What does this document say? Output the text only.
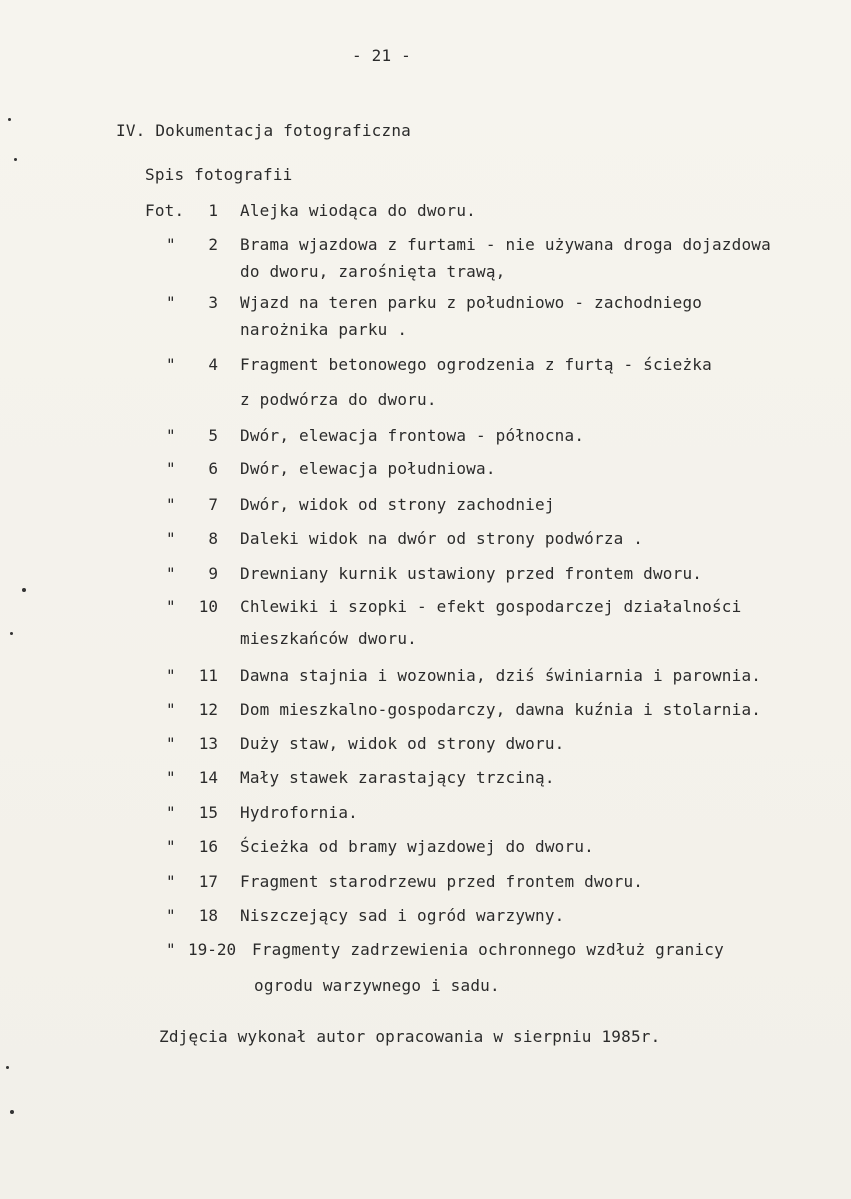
- 21 -
IV. Dokumentacja fotograficzna
Spis fotografii
Fot.	1 Alejka wiodąca do dworu.
"	2 Brama wjazdowa z furtami - nie używana droga dojazdowa
do dworu, zarośnięta trawą,
"	3 Wjazd na teren parku z południowo - zachodniego
narożnika parku .
"	4 Fragment betonowego ogrodzenia z furtą - ścieżka
z podwórza do dworu.
"	5 Dwór, elewacja frontowa - północna.
"	6 Dwór, elewacja południowa.
"	7 Dwór, widok od strony zachodniej
"	8 Daleki widok na dwór od strony podwórza .
"	9 Drewniany kurnik ustawiony przed frontem dworu.
"	10 Chlewiki i szopki - efekt gospodarczej działalności
mieszkańców dworu.
"	11 Dawna stajnia i wozownia, dziś świniarnia i parownia.
"	12 Dom mieszkalno-gospodarczy, dawna kuźnia i stolarnia.
"	13 Duży staw, widok od strony dworu.
"	14 Mały stawek zarastający trzciną.
"	15 Hydrofornia.
"	16 Ścieżka od bramy wjazdowej do dworu.
"	17 Fragment starodrzewu przed frontem dworu.
"	18 Niszczejący sad i ogród warzywny.
" 19-20 Fragmenty zadrzewienia ochronnego wzdłuż granicy
ogrodu warzywnego i sadu.
Zdjęcia wykonał autor opracowania w sierpniu 1985r.
